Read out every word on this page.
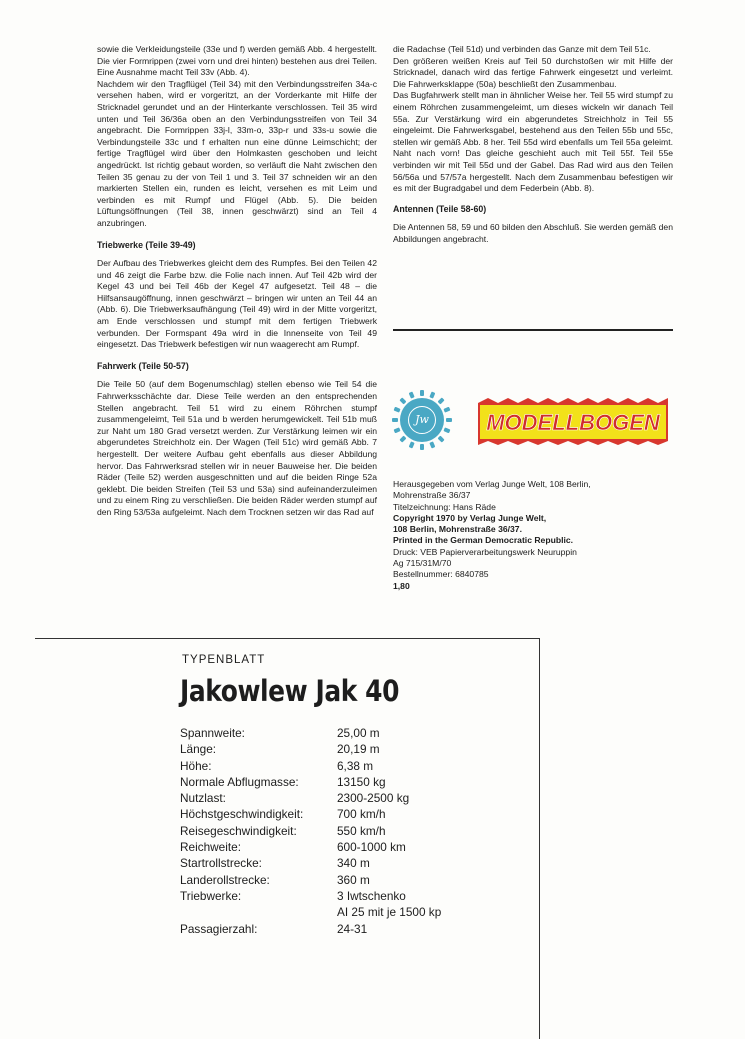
sowie die Verkleidungsteile (33e und f) werden gemäß Abb. 4 hergestellt. Die vier Formrippen (zwei vorn und drei hinten) bestehen aus drei Teilen. Eine Ausnahme macht Teil 33v (Abb. 4).

Nachdem wir den Tragflügel (Teil 34) mit den Verbindungsstreifen 34a-c versehen haben, wird er vorgeritzt, an der Vorderkante mit Hilfe der Stricknadel gerundet und an der Hinterkante verschlossen. Teil 35 wird unten und Teil 36/36a oben an den Verbindungsstreifen von Teil 34 angebracht. Die Formrippen 33j-l, 33m-o, 33p-r und 33s-u sowie die Verbindungsteile 33c und f erhalten nun eine dünne Leimschicht; der fertige Tragflügel wird über den Holmkasten geschoben und leicht angedrückt. Ist richtig gebaut worden, so verläuft die Naht zwischen den Teilen 35 genau zu der von Teil 1 und 3. Teil 37 schneiden wir an den markierten Stellen ein, runden es leicht, versehen es mit Leim und verbinden es mit Rumpf und Flügel (Abb. 5). Die beiden Lüftungsöffnungen (Teil 38, innen geschwärzt) sind an Teil 4 anzubringen.

Triebwerke (Teile 39-49)

Der Aufbau des Triebwerkes gleicht dem des Rumpfes. Bei den Teilen 42 und 46 zeigt die Farbe bzw. die Folie nach innen. Auf Teil 42b wird der Kegel 43 und bei Teil 46b der Kegel 47 aufgesetzt. Teil 48 – die Hilfsansaugöffnung, innen geschwärzt – bringen wir unten an Teil 44 an (Abb. 6). Die Triebwerksaufhängung (Teil 49) wird in der Mitte vorgeritzt, am Ende verschlossen und stumpf mit dem fertigen Triebwerk verbunden. Der Formspant 49a wird in die Innenseite von Teil 49 eingesetzt. Das Triebwerk befestigen wir nun waagerecht am Rumpf.

Fahrwerk (Teile 50-57)

Die Teile 50 (auf dem Bogenumschlag) stellen ebenso wie Teil 54 die Fahrwerksschächte dar. Diese Teile werden an den entsprechenden Stellen angebracht. Teil 51 wird zu einem Röhrchen stumpf zusammengeleimt, Teil 51a und b werden herumgewickelt. Teil 51b muß zur Naht um 180 Grad versetzt werden. Zur Verstärkung leimen wir ein abgerundetes Streichholz ein. Der Wagen (Teil 51c) wird gemäß Abb. 7 hergestellt. Der weitere Aufbau geht ebenfalls aus dieser Abbildung hervor. Das Fahrwerksrad stellen wir in neuer Bauweise her. Die beiden Räder (Teile 52) werden ausgeschnitten und auf die beiden Ringe 52a geklebt. Die beiden Streifen (Teil 53 und 53a) sind aufeinanderzuleimen und zu einem Ring zu verschließen. Die beiden Räder werden stumpf auf den Ring 53/53a aufgeleimt. Nach dem Trocknen setzen wir das Rad auf

die Radachse (Teil 51d) und verbinden das Ganze mit dem Teil 51c.

Den größeren weißen Kreis auf Teil 50 durchstoßen wir mit Hilfe der Stricknadel, danach wird das fertige Fahrwerk eingesetzt und verleimt. Die Fahrwerksklappe (50a) beschließt den Zusammenbau.

Das Bugfahrwerk stellt man in ähnlicher Weise her. Teil 55 wird stumpf zu einem Röhrchen zusammengeleimt, um dieses wickeln wir danach Teil 55a. Zur Verstärkung wird ein abgerundetes Streichholz in Teil 55 eingeleimt. Die Fahrwerksgabel, bestehend aus den Teilen 55b und 55c, stellen wir gemäß Abb. 8 her. Teil 55d wird ebenfalls um Teil 55a geleimt. Naht nach vorn! Das gleiche geschieht auch mit Teil 55f. Teil 55e verbinden wir mit Teil 55d und der Gabel. Das Rad wird aus den Teilen 56/56a und 57/57a hergestellt. Nach dem Zusammenbau befestigen wir es mit der Bugradgabel und dem Federbein (Abb. 8).

Antennen (Teile 58-60)

Die Antennen 58, 59 und 60 bilden den Abschluß. Sie werden gemäß den Abbildungen angebracht.

Jw	MODELLBOGEN
Herausgegeben vom Verlag Junge Welt, 108 Berlin,
Mohrenstraße 36/37
Titelzeichnung: Hans Räde
Copyright 1970 by Verlag Junge Welt,
108 Berlin, Mohrenstraße 36/37.
Printed in the German Democratic Republic.
Druck: VEB Papierverarbeitungswerk Neuruppin
Ag 715/31M/70
Bestellnummer: 6840785
1,80
TYPENBLATT
Jakowlew Jak 40
Spannweite:	25,00 m
Länge:	20,19 m
Höhe:	6,38 m
Normale Abflugmasse:	13150 kg
Nutzlast:	2300-2500 kg
Höchstgeschwindigkeit:	700 km/h
Reisegeschwindigkeit:	550 km/h
Reichweite:	600-1000 km
Startrollstrecke:	340 m
Landerollstrecke:	360 m
Triebwerke:	3 Iwtschenko
AI 25 mit je 1500 kp
Passagierzahl:	24-31
